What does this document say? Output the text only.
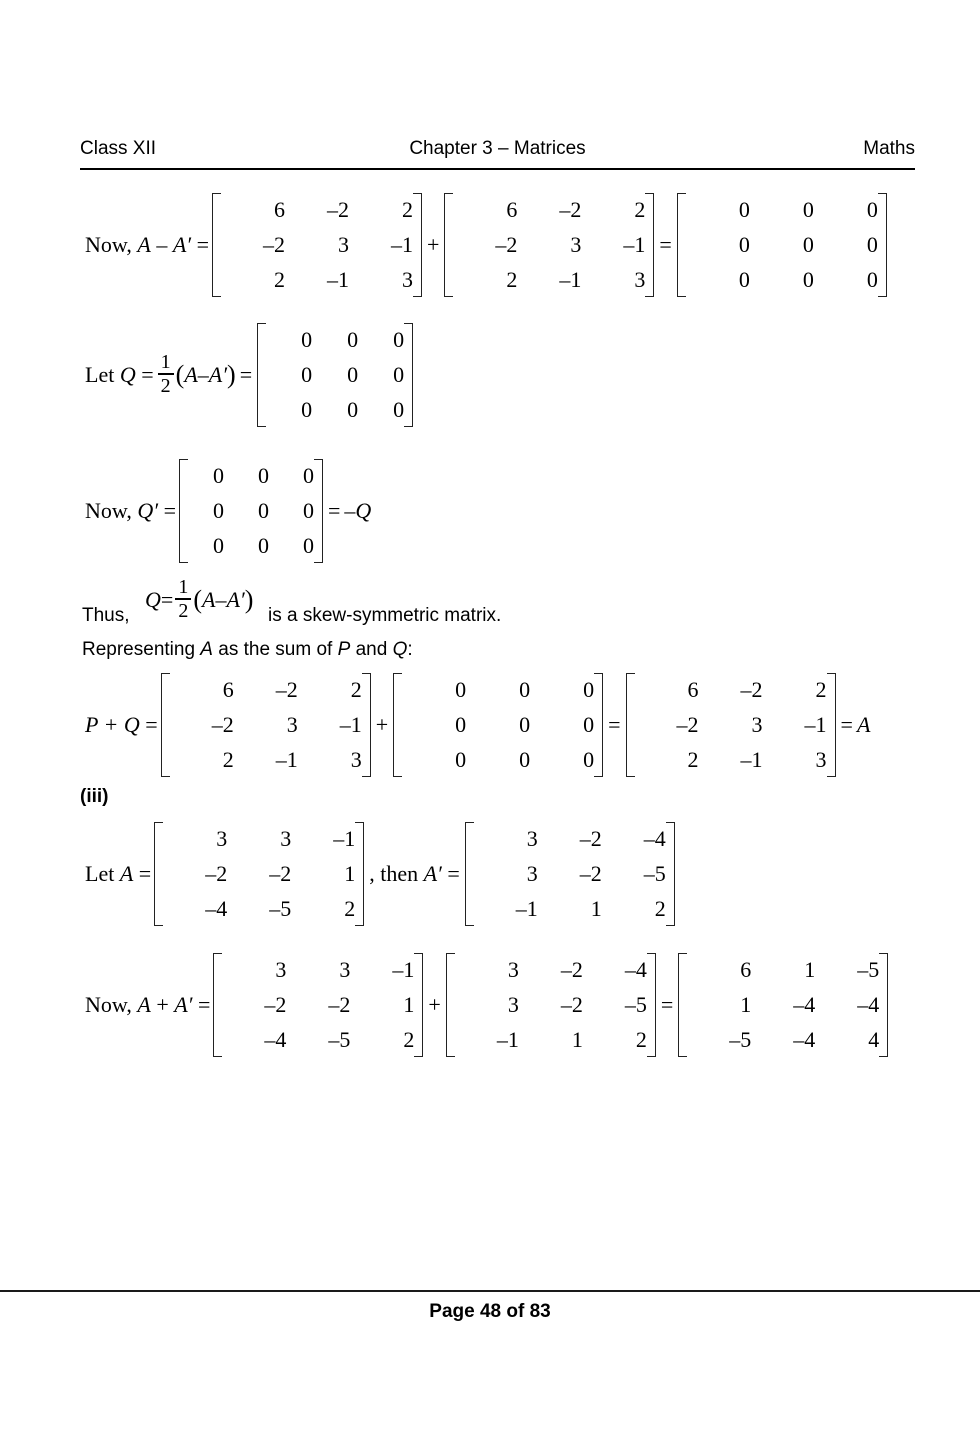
Class XII	Chapter 3 – Matrices	Maths
Now, A – A′ =
6	–2	2
–2	3	–1
2	–1	3
+
6	–2	2
–2	3	–1
2	–1	3
=
0	0	0
0	0	0
0	0	0
Let $Q = \frac{1}{2}$ ( A – A′ ) =
0	0	0
0	0	0
0	0	0
Now, Q′ =
0	0	0
0	0	0
0	0	0
= –Q
$Q = \frac{1}{2}$ ( A – A′ )
Thus,	is a skew-symmetric matrix.
Representing A as the sum of P and Q:
P + Q =
6	–2	2
–2	3	–1
2	–1	3
+
0	0	0
0	0	0
0	0	0
=
6	–2	2
–2	3	–1
2	–1	3
= A
(iii)
Let A =
3	3	–1
–2	–2	1
–4	–5	2
, then A′ =
3	–2	–4
3	–2	–5
–1	1	2
Now, A + A′ =
3	3	–1
–2	–2	1
–4	–5	2
+
3	–2	–4
3	–2	–5
–1	1	2
=
6	1	–5
1	–4	–4
–5	–4	4
Page 48 of 83
